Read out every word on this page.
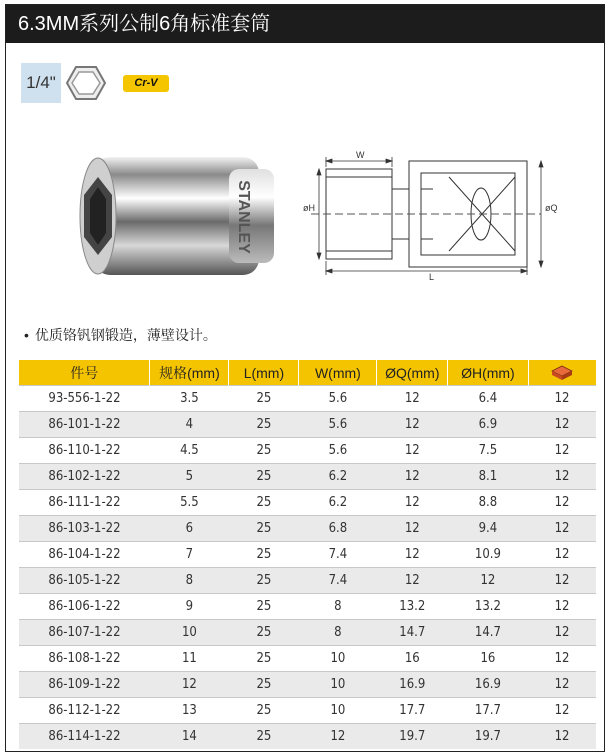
6.3MM系列公制6角标准套筒
1/4"	Cr-V
STANLEY
W
L
øH	øQ
• 优质铬钒钢锻造，薄壁设计。
件号	规格(mm)	L(mm)	W(mm)	ØQ(mm)	ØH(mm)	
93-556-1-22	3.5	25	5.6	12	6.4	12
86-101-1-22	4	25	5.6	12	6.9	12
86-110-1-22	4.5	25	5.6	12	7.5	12
86-102-1-22	5	25	6.2	12	8.1	12
86-111-1-22	5.5	25	6.2	12	8.8	12
86-103-1-22	6	25	6.8	12	9.4	12
86-104-1-22	7	25	7.4	12	10.9	12
86-105-1-22	8	25	7.4	12	12	12
86-106-1-22	9	25	8	13.2	13.2	12
86-107-1-22	10	25	8	14.7	14.7	12
86-108-1-22	11	25	10	16	16	12
86-109-1-22	12	25	10	16.9	16.9	12
86-112-1-22	13	25	10	17.7	17.7	12
86-114-1-22	14	25	12	19.7	19.7	12
